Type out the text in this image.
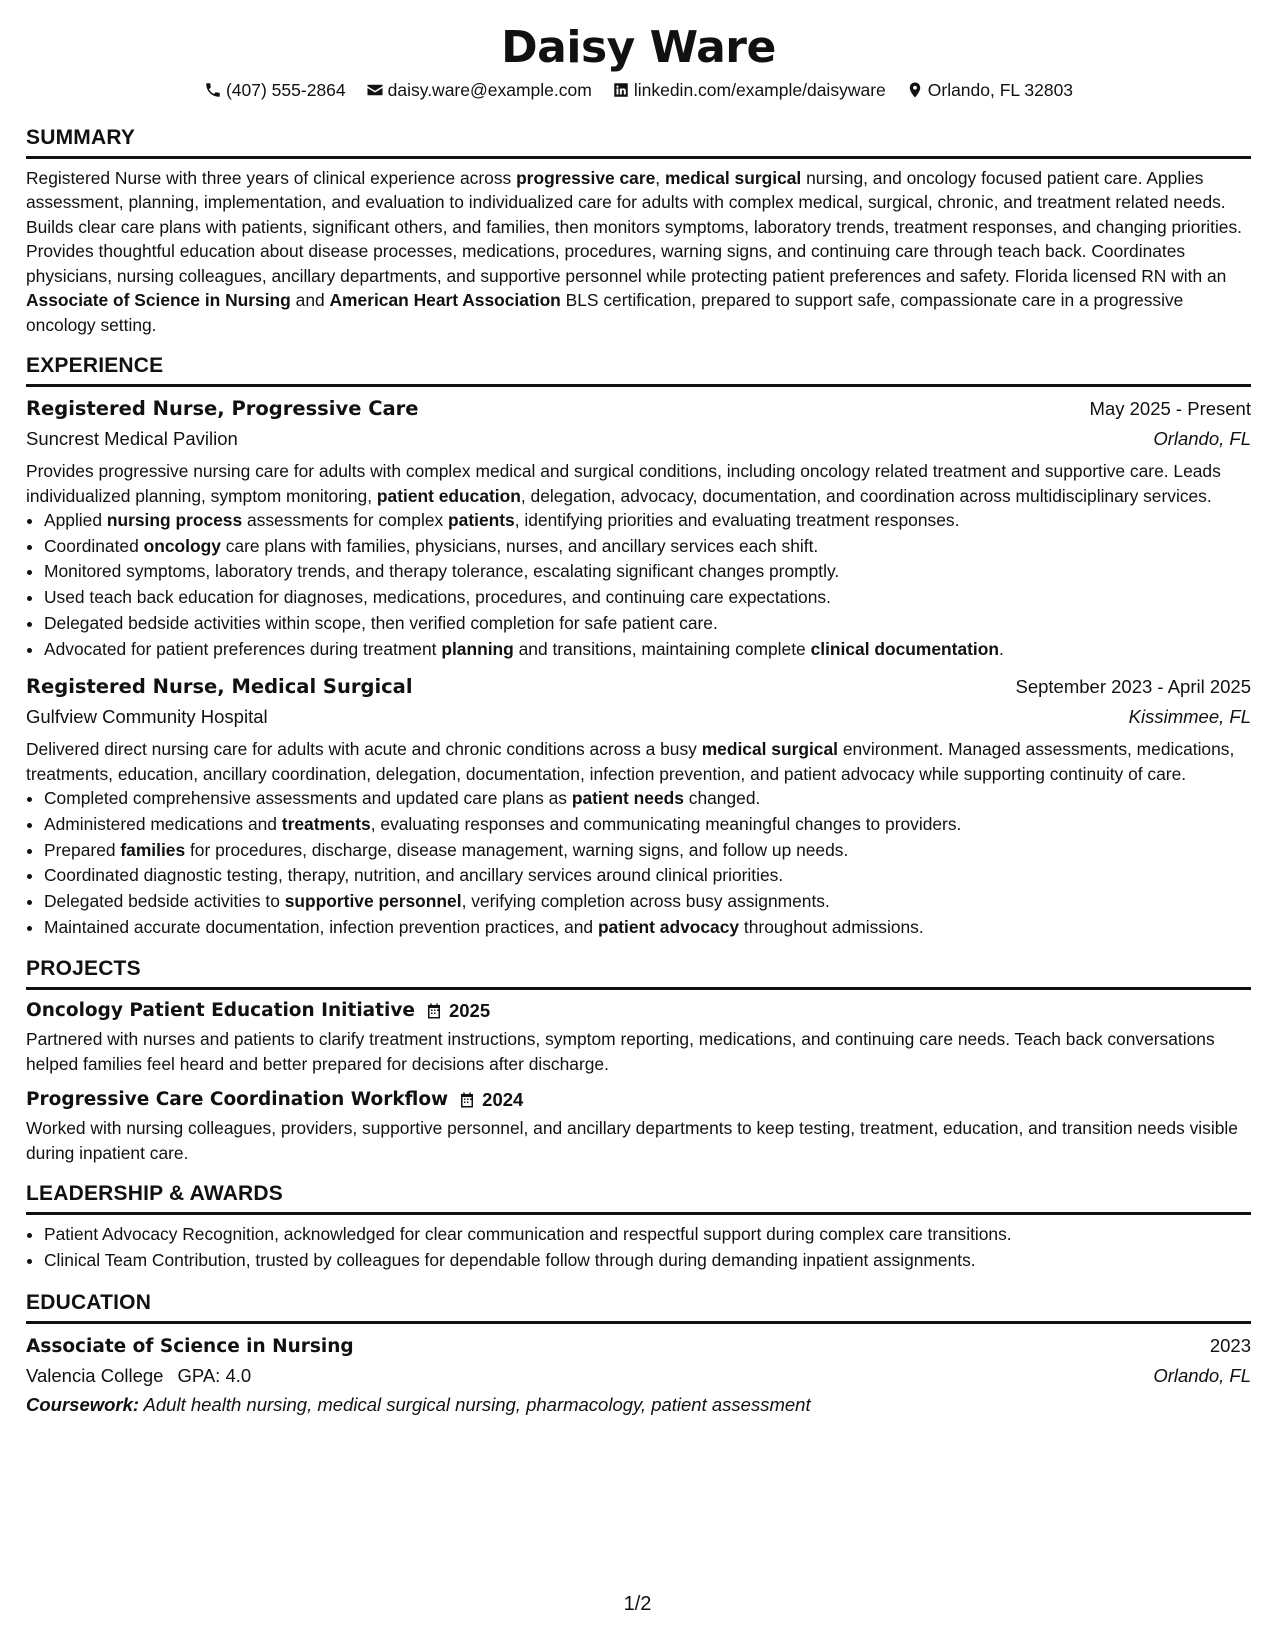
Daisy Ware
(407) 555-2864 daisy.ware@example.com linkedin.com/example/daisyware Orlando, FL 32803
SUMMARY

Registered Nurse with three years of clinical experience across progressive care, medical surgical nursing, and oncology focused patient care. Applies assessment, planning, implementation, and evaluation to individualized care for adults with complex medical, surgical, chronic, and treatment related needs. Builds clear care plans with patients, significant others, and families, then monitors symptoms, laboratory trends, treatment responses, and changing priorities. Provides thoughtful education about disease processes, medications, procedures, warning signs, and continuing care through teach back. Coordinates physicians, nursing colleagues, ancillary departments, and supportive personnel while protecting patient preferences and safety. Florida licensed RN with an Associate of Science in Nursing and American Heart Association BLS certification, prepared to support safe, compassionate care in a progressive oncology setting.

EXPERIENCE
Registered Nurse, Progressive Care	May 2025 - Present
Suncrest Medical Pavilion	Orlando, FL

Provides progressive nursing care for adults with complex medical and surgical conditions, including oncology related treatment and supportive care. Leads individualized planning, symptom monitoring, patient education, delegation, advocacy, documentation, and coordination across multidisciplinary services.

• Applied nursing process assessments for complex patients, identifying priorities and evaluating treatment responses.
• Coordinated oncology care plans with families, physicians, nurses, and ancillary services each shift.
• Monitored symptoms, laboratory trends, and therapy tolerance, escalating significant changes promptly.
• Used teach back education for diagnoses, medications, procedures, and continuing care expectations.
• Delegated bedside activities within scope, then verified completion for safe patient care.
• Advocated for patient preferences during treatment planning and transitions, maintaining complete clinical documentation.
Registered Nurse, Medical Surgical	September 2023 - April 2025
Gulfview Community Hospital	Kissimmee, FL

Delivered direct nursing care for adults with acute and chronic conditions across a busy medical surgical environment. Managed assessments, medications, treatments, education, ancillary coordination, delegation, documentation, infection prevention, and patient advocacy while supporting continuity of care.

• Completed comprehensive assessments and updated care plans as patient needs changed.
• Administered medications and treatments, evaluating responses and communicating meaningful changes to providers.
• Prepared families for procedures, discharge, disease management, warning signs, and follow up needs.
• Coordinated diagnostic testing, therapy, nutrition, and ancillary services around clinical priorities.
• Delegated bedside activities to supportive personnel, verifying completion across busy assignments.
• Maintained accurate documentation, infection prevention practices, and patient advocacy throughout admissions.
PROJECTS
Oncology Patient Education Initiative 2025

Partnered with nurses and patients to clarify treatment instructions, symptom reporting, medications, and continuing care needs. Teach back conversations helped families feel heard and better prepared for decisions after discharge.

Progressive Care Coordination Workflow 2024

Worked with nursing colleagues, providers, supportive personnel, and ancillary departments to keep testing, treatment, education, and transition needs visible during inpatient care.

LEADERSHIP & AWARDS
• Patient Advocacy Recognition, acknowledged for clear communication and respectful support during complex care transitions.
• Clinical Team Contribution, trusted by colleagues for dependable follow through during demanding inpatient assignments.
EDUCATION
Associate of Science in Nursing	2023
Valencia College GPA: 4.0	Orlando, FL
Coursework: Adult health nursing, medical surgical nursing, pharmacology, patient assessment
1/2
